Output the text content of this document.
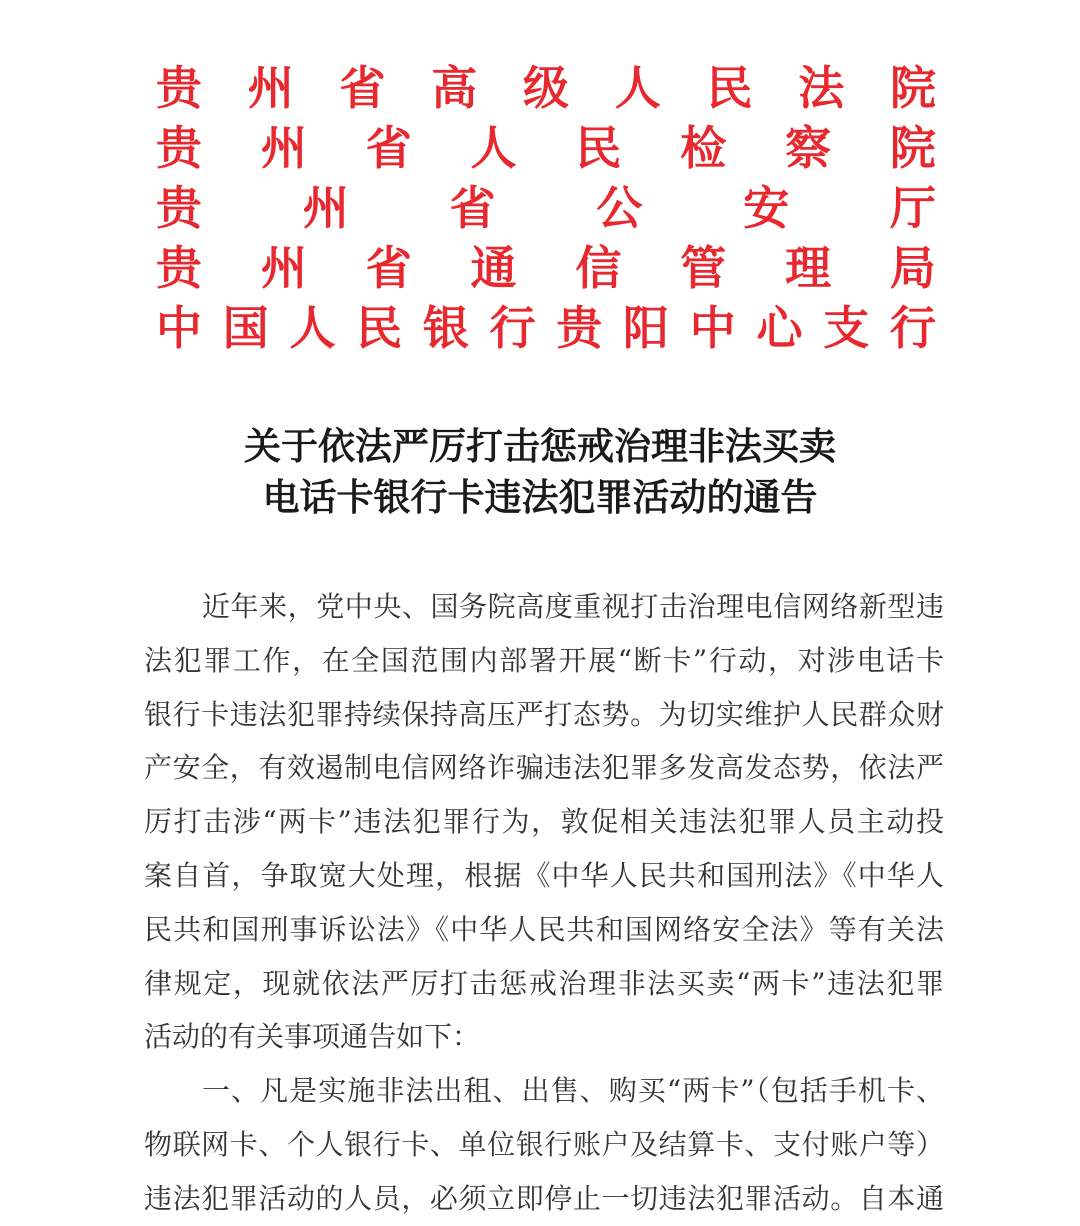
贵 州 省 高 级 人 民 法 院
贵 州 省 人 民 检 察 院
贵 州 省 公 安 厅
贵 州 省 通 信 管 理 局
中 国 人 民 银 行 贵 阳 中 心 支 行
关于依法严厉打击惩戒治理非法买卖
电话卡银行卡违法犯罪活动的通告
近年来，党中央、国务院高度重视打击治理电信网络新型违
法犯罪工作，在全国范围内部署开展“断卡”行动，对涉电话卡
银行卡违法犯罪持续保持高压严打态势。为切实维护人民群众财
产安全，有效遏制电信网络诈骗违法犯罪多发高发态势，依法严
厉打击涉“两卡”违法犯罪行为，敦促相关违法犯罪人员主动投
案自首，争取宽大处理，根据《中华人民共和国刑法》《中华人
民共和国刑事诉讼法》《中华人民共和国网络安全法》等有关法
律规定，现就依法严厉打击惩戒治理非法买卖“两卡”违法犯罪
活动的有关事项通告如下：
一、凡是实施非法出租、出售、购买“两卡”（包括手机卡、
物联网卡、个人银行卡、单位银行账户及结算卡、支付账户等）
违法犯罪活动的人员，必须立即停止一切违法犯罪活动。自本通
